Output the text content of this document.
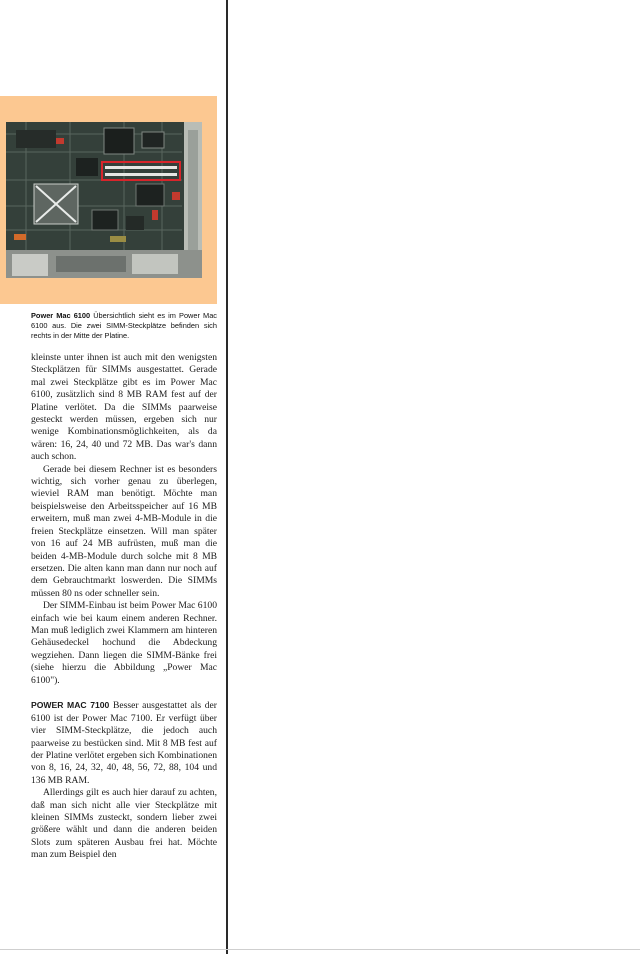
Power Mac 6100 Übersichtlich sieht es im Power Mac 6100 aus. Die zwei SIMM-Steckplätze befinden sich rechts in der Mitte der Platine.

kleinste unter ihnen ist auch mit den wenigsten Steckplätzen für SIMMs ausgestattet. Gerade mal zwei Steckplätze gibt es im Power Mac 6100, zusätzlich sind 8 MB RAM fest auf der Platine verlötet. Da die SIMMs paarweise gesteckt werden müssen, ergeben sich nur wenige Kombinationsmöglichkeiten, als da wären: 16, 24, 40 und 72 MB. Das war's dann auch schon.

Gerade bei diesem Rechner ist es besonders wichtig, sich vorher genau zu überlegen, wieviel RAM man benötigt. Möchte man beispielsweise den Arbeitsspeicher auf 16 MB erweitern, muß man zwei 4-MB-Module in die freien Steckplätze einsetzen. Will man später von 16 auf 24 MB aufrüsten, muß man die beiden 4-MB-Module durch solche mit 8 MB ersetzen. Die alten kann man dann nur noch auf dem Gebrauchtmarkt loswerden. Die SIMMs müssen 80 ns oder schneller sein.

Der SIMM-Einbau ist beim Power Mac 6100 einfach wie bei kaum einem anderen Rechner. Man muß lediglich zwei Klammern am hinteren Gehäusedeckel hochund die Abdeckung wegziehen. Dann liegen die SIMM-Bänke frei (siehe hierzu die Abbildung „Power Mac 6100").

POWER MAC 7100 Besser ausgestattet als der 6100 ist der Power Mac 7100. Er verfügt über vier SIMM-Steckplätze, die jedoch auch paarweise zu bestücken sind. Mit 8 MB fest auf der Platine verlötet ergeben sich Kombinationen von 8, 16, 24, 32, 40, 48, 56, 72, 88, 104 und 136 MB RAM.

Allerdings gilt es auch hier darauf zu achten, daß man sich nicht alle vier Steckplätze mit kleinen SIMMs zusteckt, sondern lieber zwei größere wählt und dann die anderen beiden Slots zum späteren Ausbau frei hat. Möchte man zum Beispiel den
